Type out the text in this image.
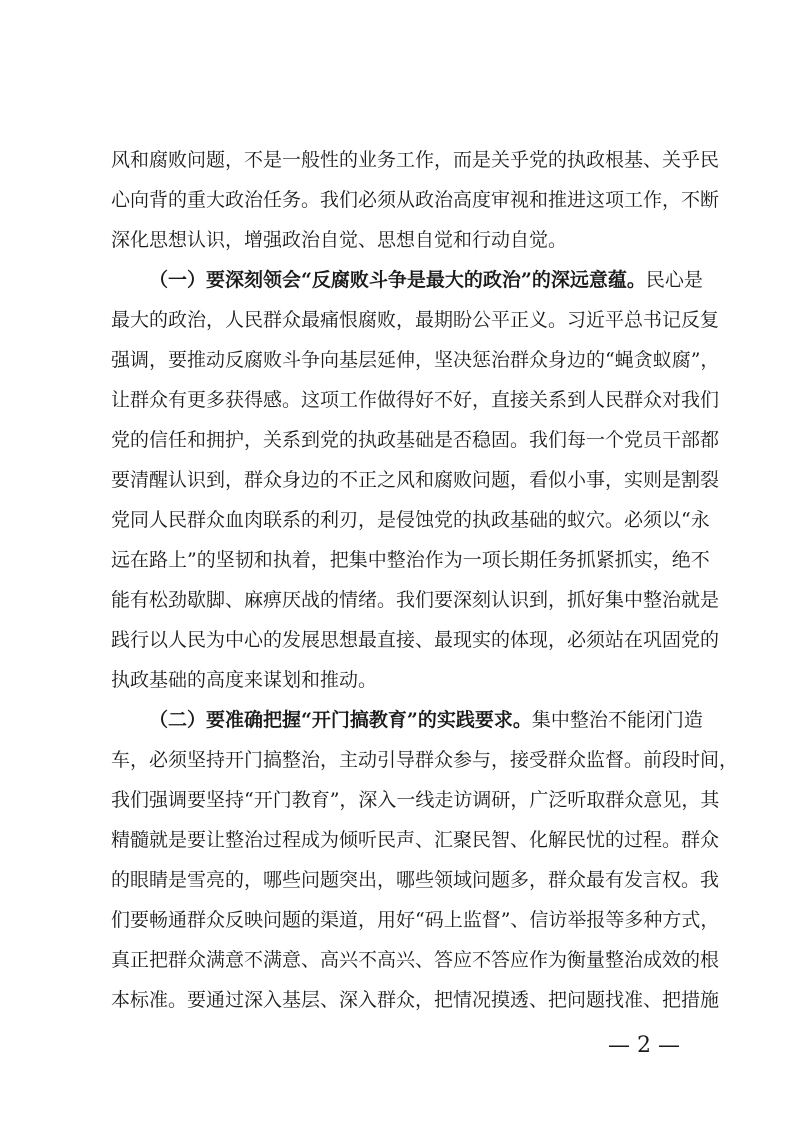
风和腐败问题，不是一般性的业务工作，而是关乎党的执政根基、关乎民
心向背的重大政治任务。我们必须从政治高度审视和推进这项工作，不断
深化思想认识，增强政治自觉、思想自觉和行动自觉。
（一）要深刻领会“反腐败斗争是最大的政治”的深远意蕴。民心是
最大的政治，人民群众最痛恨腐败，最期盼公平正义。习近平总书记反复
强调，要推动反腐败斗争向基层延伸，坚决惩治群众身边的“蝇贪蚁腐”，
让群众有更多获得感。这项工作做得好不好，直接关系到人民群众对我们
党的信任和拥护，关系到党的执政基础是否稳固。我们每一个党员干部都
要清醒认识到，群众身边的不正之风和腐败问题，看似小事，实则是割裂
党同人民群众血肉联系的利刃，是侵蚀党的执政基础的蚁穴。必须以“永
远在路上”的坚韧和执着，把集中整治作为一项长期任务抓紧抓实，绝不
能有松劲歇脚、麻痹厌战的情绪。我们要深刻认识到，抓好集中整治就是
践行以人民为中心的发展思想最直接、最现实的体现，必须站在巩固党的
执政基础的高度来谋划和推动。
（二）要准确把握“开门搞教育”的实践要求。集中整治不能闭门造
车，必须坚持开门搞整治，主动引导群众参与，接受群众监督。前段时间，
我们强调要坚持“开门教育”，深入一线走访调研，广泛听取群众意见，其
精髓就是要让整治过程成为倾听民声、汇聚民智、化解民忧的过程。群众
的眼睛是雪亮的，哪些问题突出，哪些领域问题多，群众最有发言权。我
们要畅通群众反映问题的渠道，用好“码上监督”、信访举报等多种方式，
真正把群众满意不满意、高兴不高兴、答应不答应作为衡量整治成效的根
本标准。要通过深入基层、深入群众，把情况摸透、把问题找准、把措施
— 2 —
